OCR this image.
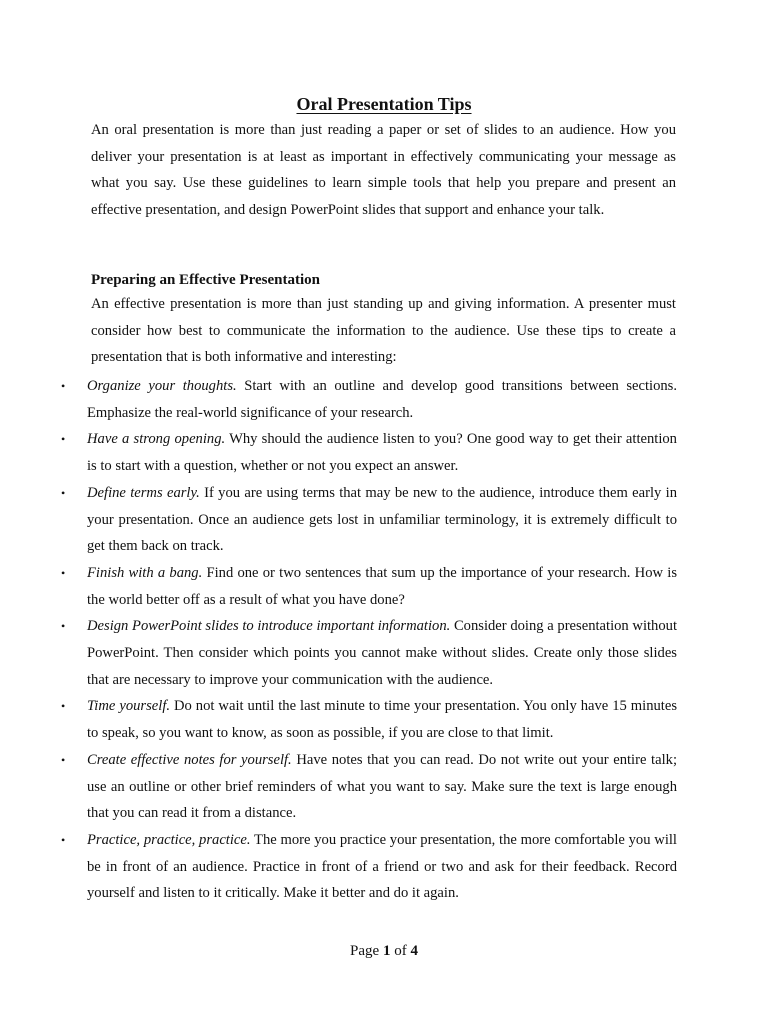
Oral Presentation Tips

An oral presentation is more than just reading a paper or set of slides to an audience. How you deliver your presentation is at least as important in effectively communicating your message as what you say. Use these guidelines to learn simple tools that help you prepare and present an effective presentation, and design PowerPoint slides that support and enhance your talk.

Preparing an Effective Presentation

An effective presentation is more than just standing up and giving information. A presenter must consider how best to communicate the information to the audience. Use these tips to create a presentation that is both informative and interesting:

• Organize your thoughts. Start with an outline and develop good transitions between sections. Emphasize the real-world significance of your research.
• Have a strong opening. Why should the audience listen to you? One good way to get their attention is to start with a question, whether or not you expect an answer.
• Define terms early. If you are using terms that may be new to the audience, introduce them early in your presentation. Once an audience gets lost in unfamiliar terminology, it is extremely difficult to get them back on track.
• Finish with a bang. Find one or two sentences that sum up the importance of your research. How is the world better off as a result of what you have done?
• Design PowerPoint slides to introduce important information. Consider doing a presentation without PowerPoint. Then consider which points you cannot make without slides. Create only those slides that are necessary to improve your communication with the audience.
• Time yourself. Do not wait until the last minute to time your presentation. You only have 15 minutes to speak, so you want to know, as soon as possible, if you are close to that limit.
• Create effective notes for yourself. Have notes that you can read. Do not write out your entire talk; use an outline or other brief reminders of what you want to say. Make sure the text is large enough that you can read it from a distance.
• Practice, practice, practice. The more you practice your presentation, the more comfortable you will be in front of an audience. Practice in front of a friend or two and ask for their feedback. Record yourself and listen to it critically. Make it better and do it again.
Page 1 of 4
